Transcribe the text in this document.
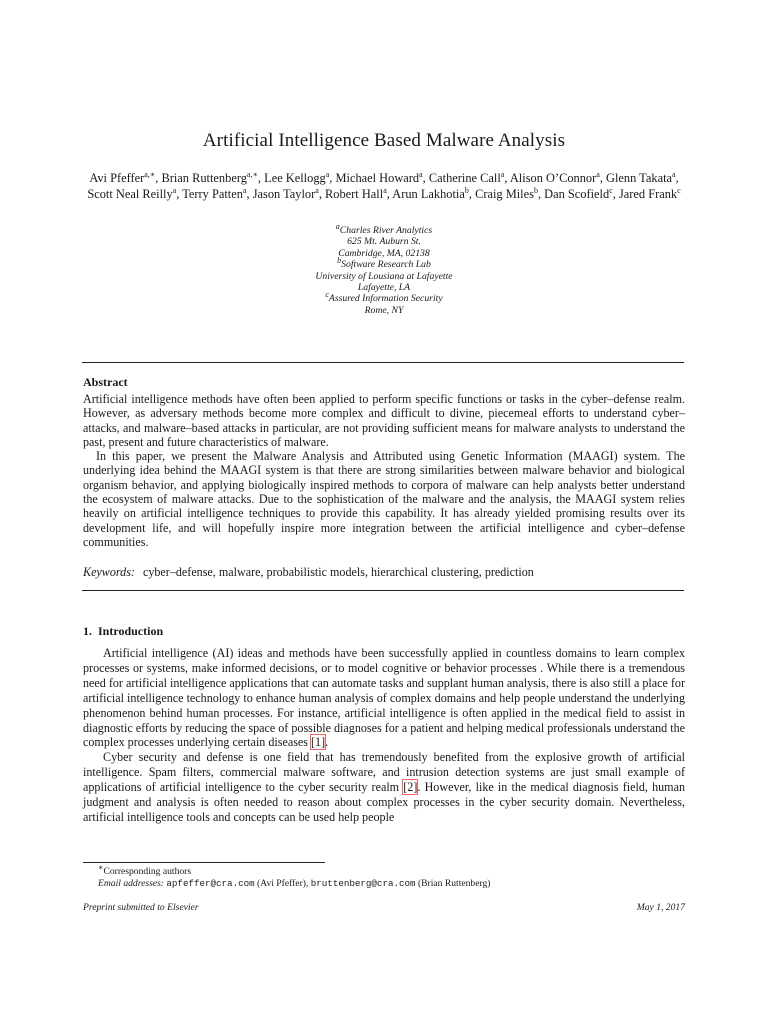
Artificial Intelligence Based Malware Analysis
Avi Pfeffer$^{a,∗}$, Brian Ruttenberg$^{a,∗}$, Lee Kellogg$^a$, Michael Howard$^a$, Catherine Call$^a$, Alison O’Connor$^a$, Glenn Takata$^a$, Scott Neal Reilly$^a$, Terry Patten$^a$, Jason Taylor$^a$, Robert Hall$^a$, Arun Lakhotia$^b$, Craig Miles$^b$, Dan Scofield$^c$, Jared Frank$^c$
$^a$Charles River Analytics
625 Mt. Auburn St.
Cambridge, MA, 02138
$^b$Software Research Lab
University of Lousiana at Lafayette
Lafayette, LA
$^c$Assured Information Security
Rome, NY
Abstract

Artificial intelligence methods have often been applied to perform specific functions or tasks in the cyber–defense realm. However, as adversary methods become more complex and difficult to divine, piecemeal efforts to understand cyber–attacks, and malware–based attacks in particular, are not providing sufficient means for malware analysts to understand the past, present and future characteristics of malware.

In this paper, we present the Malware Analysis and Attributed using Genetic Information (MAAGI) system. The underlying idea behind the MAAGI system is that there are strong similarities between malware behavior and biological organism behavior, and applying biologically inspired methods to corpora of malware can help analysts better understand the ecosystem of malware attacks. Due to the sophistication of the malware and the analysis, the MAAGI system relies heavily on artificial intelligence techniques to provide this capability. It has already yielded promising results over its development life, and will hopefully inspire more integration between the artificial intelligence and cyber–defense communities.

Keywords: cyber–defense, malware, probabilistic models, hierarchical clustering, prediction
1. Introduction

Artificial intelligence (AI) ideas and methods have been successfully applied in countless domains to learn complex processes or systems, make informed decisions, or to model cognitive or behavior processes . While there is a tremendous need for artificial intelligence applications that can automate tasks and supplant human analysis, there is also still a place for artificial intelligence technology to enhance human analysis of complex domains and help people understand the underlying phenomenon behind human processes. For instance, artificial intelligence is often applied in the medical field to assist in diagnostic efforts by reducing the space of possible diagnoses for a patient and helping medical professionals understand the complex processes underlying certain diseases [1].

Cyber security and defense is one field that has tremendously benefited from the explosive growth of artificial intelligence. Spam filters, commercial malware software, and intrusion detection systems are just small example of applications of artificial intelligence to the cyber security realm [2]. However, like in the medical diagnosis field, human judgment and analysis is often needed to reason about complex processes in the cyber security domain. Nevertheless, artificial intelligence tools and concepts can be used help people

∗Corresponding authors
Email addresses: apfeffer@cra.com (Avi Pfeffer), bruttenberg@cra.com (Brian Ruttenberg)
Preprint submitted to Elsevier	May 1, 2017
